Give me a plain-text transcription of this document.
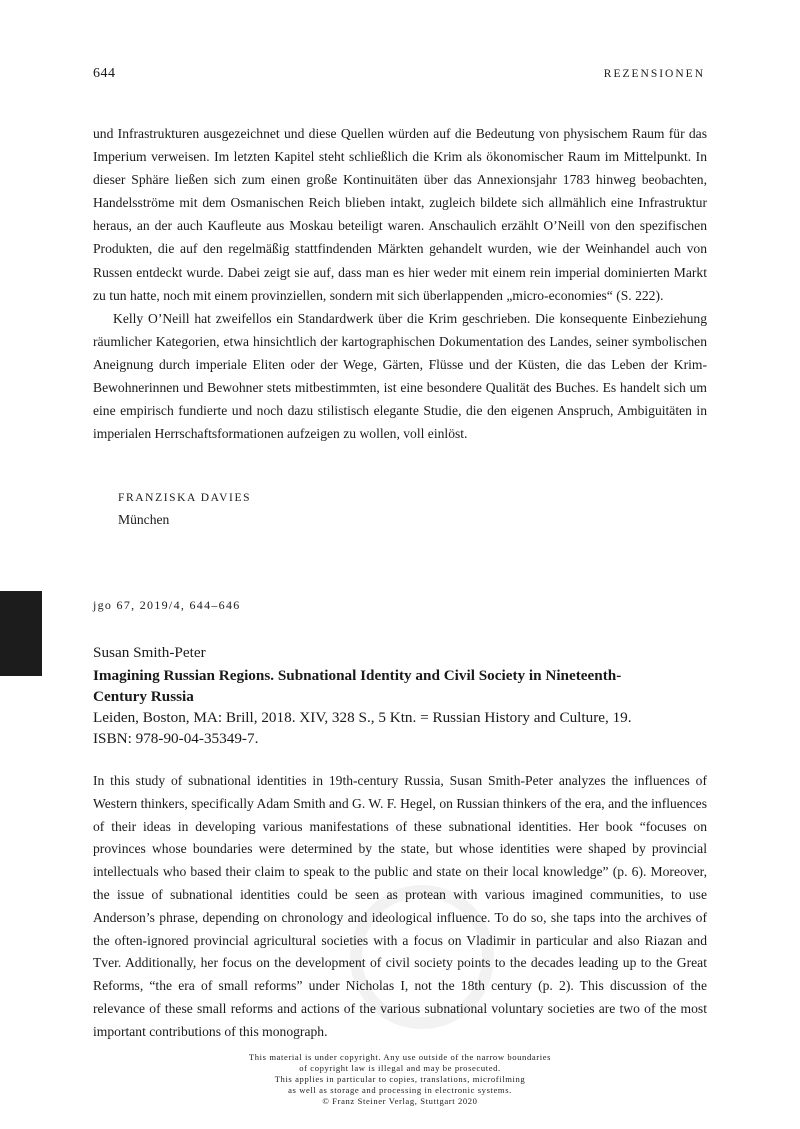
644	REZENSIONEN

und Infrastrukturen ausgezeichnet und diese Quellen würden auf die Bedeutung von physischem Raum für das Imperium verweisen. Im letzten Kapitel steht schließlich die Krim als ökonomischer Raum im Mittelpunkt. In dieser Sphäre ließen sich zum einen große Kontinuitäten über das Annexionsjahr 1783 hinweg beobachten, Handelsströme mit dem Osmanischen Reich blieben intakt, zugleich bildete sich allmählich eine Infrastruktur heraus, an der auch Kaufleute aus Moskau beteiligt waren. Anschaulich erzählt O’Neill von den spezifischen Produkten, die auf den regelmäßig stattfindenden Märkten gehandelt wurden, wie der Weinhandel auch von Russen entdeckt wurde. Dabei zeigt sie auf, dass man es hier weder mit einem rein imperial dominierten Markt zu tun hatte, noch mit einem provinziellen, sondern mit sich überlappenden „micro-economies“ (S. 222).

Kelly O’Neill hat zweifellos ein Standardwerk über die Krim geschrieben. Die konsequente Einbeziehung räumlicher Kategorien, etwa hinsichtlich der kartographischen Dokumentation des Landes, seiner symbolischen Aneignung durch imperiale Eliten oder der Wege, Gärten, Flüsse und der Küsten, die das Leben der Krim-Bewohnerinnen und Bewohner stets mitbestimmten, ist eine besondere Qualität des Buches. Es handelt sich um eine empirisch fundierte und noch dazu stilistisch elegante Studie, die den eigenen Anspruch, Ambiguitäten in imperialen Herrschaftsformationen aufzeigen zu wollen, voll einlöst.

FRANZISKA DAVIES
München
jgo 67, 2019/4, 644–646
Susan Smith-Peter
Imagining Russian Regions. Subnational Identity and Civil Society in Nineteenth-Century Russia
Leiden, Boston, MA: Brill, 2018. XIV, 328 S., 5 Ktn. = Russian History and Culture, 19.
ISBN: 978-90-04-35349-7.

In this study of subnational identities in 19th-century Russia, Susan Smith-Peter analyzes the influences of Western thinkers, specifically Adam Smith and G. W. F. Hegel, on Russian thinkers of the era, and the influences of their ideas in developing various manifestations of these subnational identities. Her book “focuses on provinces whose boundaries were determined by the state, but whose identities were shaped by provincial intellectuals who based their claim to speak to the public and state on their local knowledge” (p. 6). Moreover, the issue of subnational identities could be seen as protean with various imagined communities, to use Anderson’s phrase, depending on chronology and ideological influence. To do so, she taps into the archives of the often-ignored provincial agricultural societies with a focus on Vladimir in particular and also Riazan and Tver. Additionally, her focus on the development of civil society points to the decades leading up to the Great Reforms, “the era of small reforms” under Nicholas I, not the 18th century (p. 2). This discussion of the relevance of these small reforms and actions of the various subnational voluntary societies are two of the most important contributions of this monograph.

This material is under copyright. Any use outside of the narrow boundaries
of copyright law is illegal and may be prosecuted.
This applies in particular to copies, translations, microfilming
as well as storage and processing in electronic systems.
© Franz Steiner Verlag, Stuttgart 2020
